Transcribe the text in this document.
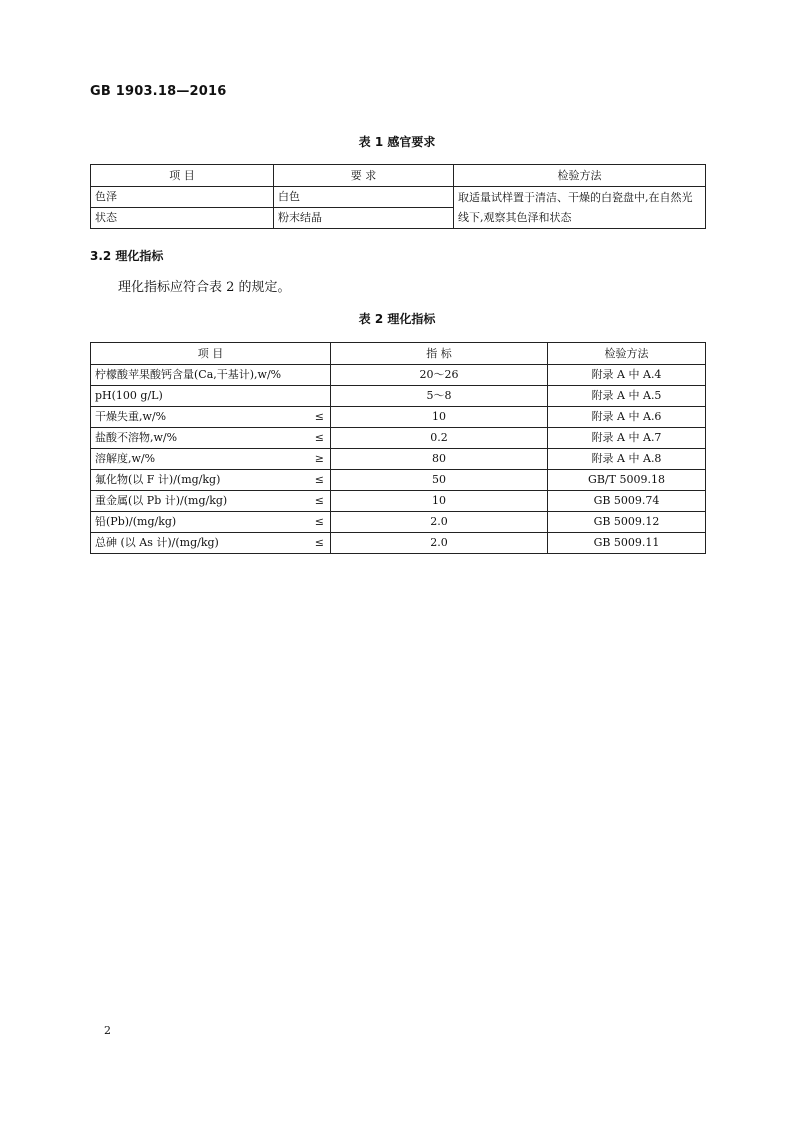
GB 1903.18—2016
表 1 感官要求
项 目	要 求	检验方法
色泽	白色	取适量试样置于清洁、干燥的白瓷盘中,在自然光线下,观察其色泽和状态
状态	粉末结晶	
3.2 理化指标
理化指标应符合表 2 的规定。
表 2 理化指标
项 目	指 标	检验方法
柠檬酸苹果酸钙含量(Ca,干基计),w/%	20～26	附录 A 中 A.4
pH(100 g/L)	5～8	附录 A 中 A.5
干燥失重,w/% ≤	10	附录 A 中 A.6
盐酸不溶物,w/% ≤	0.2	附录 A 中 A.7
溶解度,w/% ≥	80	附录 A 中 A.8
氟化物(以 F 计)/(mg/kg) ≤	50	GB/T 5009.18
重金属(以 Pb 计)/(mg/kg) ≤	10	GB 5009.74
铅(Pb)/(mg/kg) ≤	2.0	GB 5009.12
总砷 (以 As 计)/(mg/kg) ≤	2.0	GB 5009.11
2
